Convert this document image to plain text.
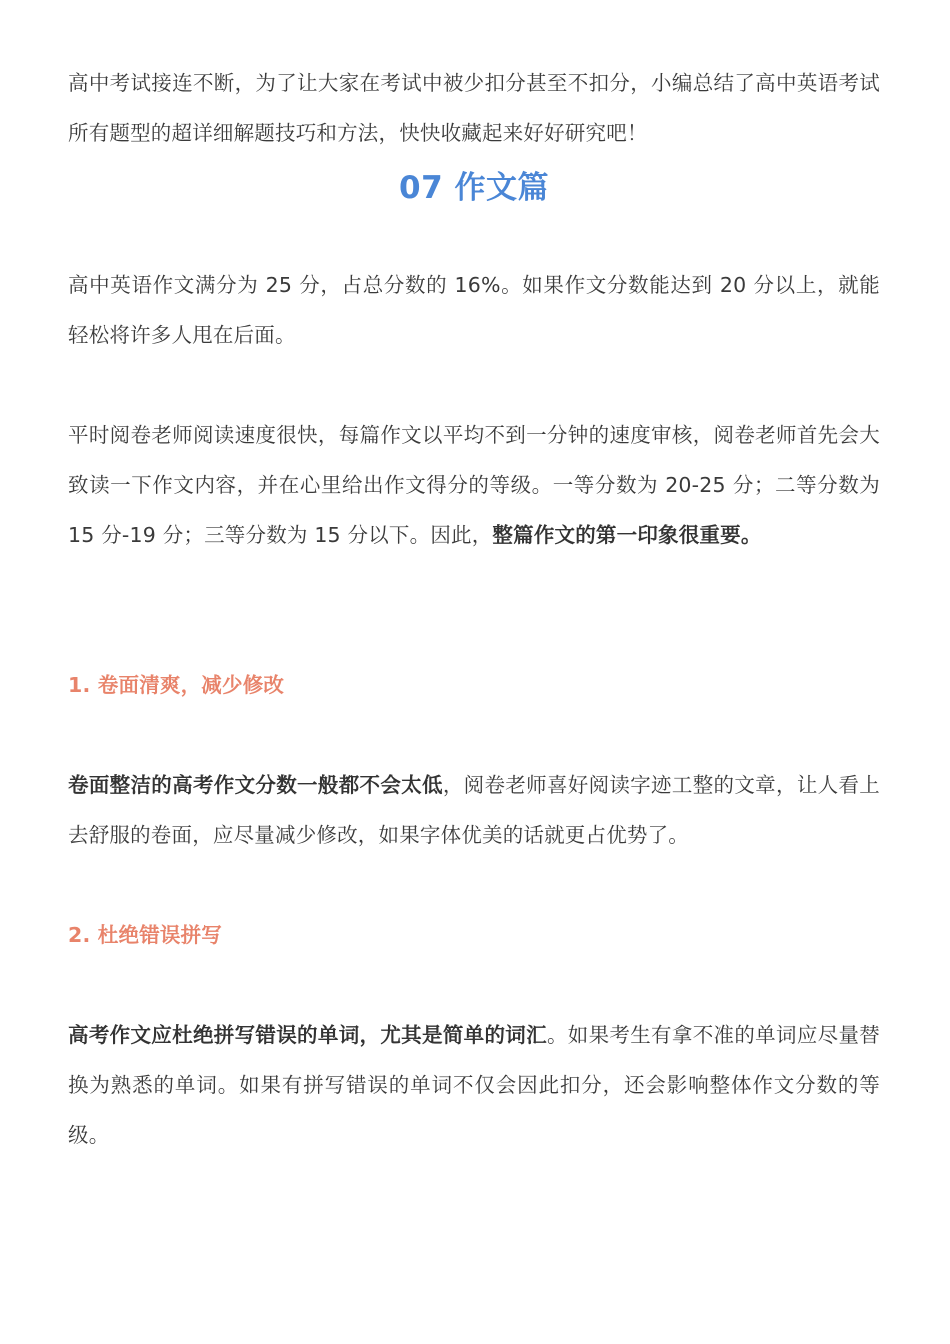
高中考试接连不断，为了让大家在考试中被少扣分甚至不扣分，小编总结了高中英语考试所有题型的超详细解题技巧和方法，快快收藏起来好好研究吧！

07 作文篇

高中英语作文满分为 25 分，占总分数的 16%。如果作文分数能达到 20 分以上，就能轻松将许多人甩在后面。

平时阅卷老师阅读速度很快，每篇作文以平均不到一分钟的速度审核，阅卷老师首先会大致读一下作文内容，并在心里给出作文得分的等级。一等分数为 20-25 分；二等分数为 15 分-19 分；三等分数为 15 分以下。因此，整篇作文的第一印象很重要。

1. 卷面清爽，减少修改

卷面整洁的高考作文分数一般都不会太低，阅卷老师喜好阅读字迹工整的文章，让人看上去舒服的卷面，应尽量减少修改，如果字体优美的话就更占优势了。

2. 杜绝错误拼写

高考作文应杜绝拼写错误的单词，尤其是简单的词汇。如果考生有拿不准的单词应尽量替换为熟悉的单词。如果有拼写错误的单词不仅会因此扣分，还会影响整体作文分数的等级。
